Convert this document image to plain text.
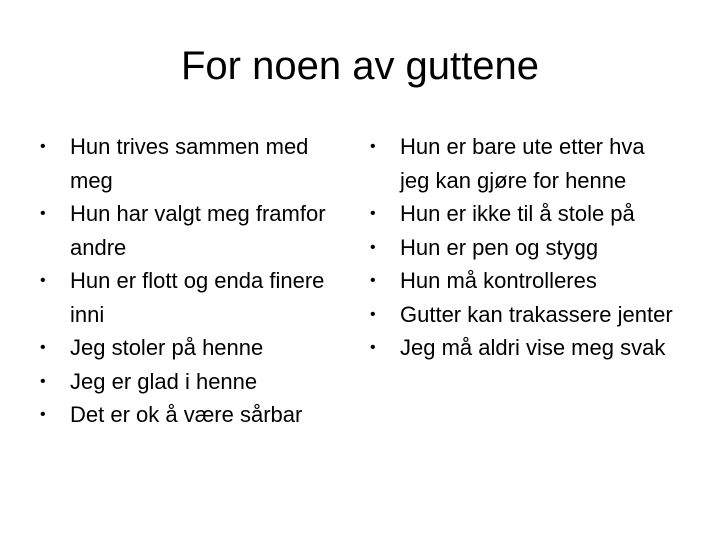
For noen av guttene
• Hun trives sammen med meg
• Hun har valgt meg framfor andre
• Hun er flott og enda finere inni
• Jeg stoler på henne
• Jeg er glad i henne
• Det er ok å være sårbar
• Hun er bare ute etter hva jeg kan gjøre for henne
• Hun er ikke til å stole på
• Hun er pen og stygg
• Hun må kontrolleres
• Gutter kan trakassere jenter
• Jeg må aldri vise meg svak
